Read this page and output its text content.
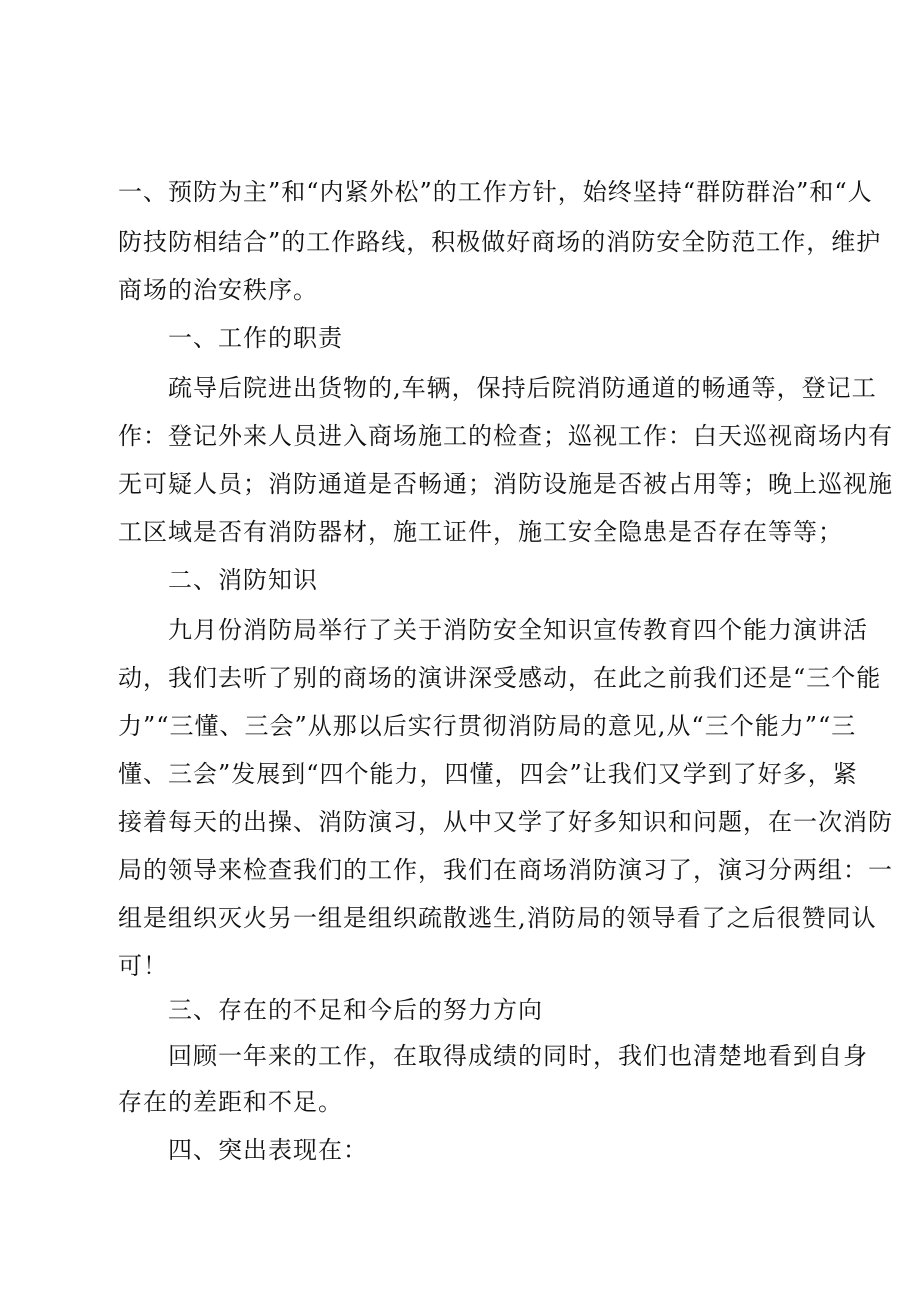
一、预防为主”和“内紧外松”的工作方针，始终坚持“群防群治”和“人
防技防相结合”的工作路线，积极做好商场的消防安全防范工作，维护
商场的治安秩序。
一、工作的职责
疏导后院进出货物的,车辆，保持后院消防通道的畅通等，登记工
作：登记外来人员进入商场施工的检查；巡视工作：白天巡视商场内有
无可疑人员；消防通道是否畅通；消防设施是否被占用等；晚上巡视施
工区域是否有消防器材，施工证件，施工安全隐患是否存在等等；
二、消防知识
九月份消防局举行了关于消防安全知识宣传教育四个能力演讲活
动，我们去听了别的商场的演讲深受感动，在此之前我们还是“三个能
力”“三懂、三会”从那以后实行贯彻消防局的意见,从“三个能力”“三
懂、三会”发展到“四个能力，四懂，四会”让我们又学到了好多，紧
接着每天的出操、消防演习，从中又学了好多知识和问题，在一次消防
局的领导来检查我们的工作，我们在商场消防演习了，演习分两组：一
组是组织灭火另一组是组织疏散逃生,消防局的领导看了之后很赞同认
可！
三、存在的不足和今后的努力方向
回顾一年来的工作，在取得成绩的同时，我们也清楚地看到自身
存在的差距和不足。
四、突出表现在：
